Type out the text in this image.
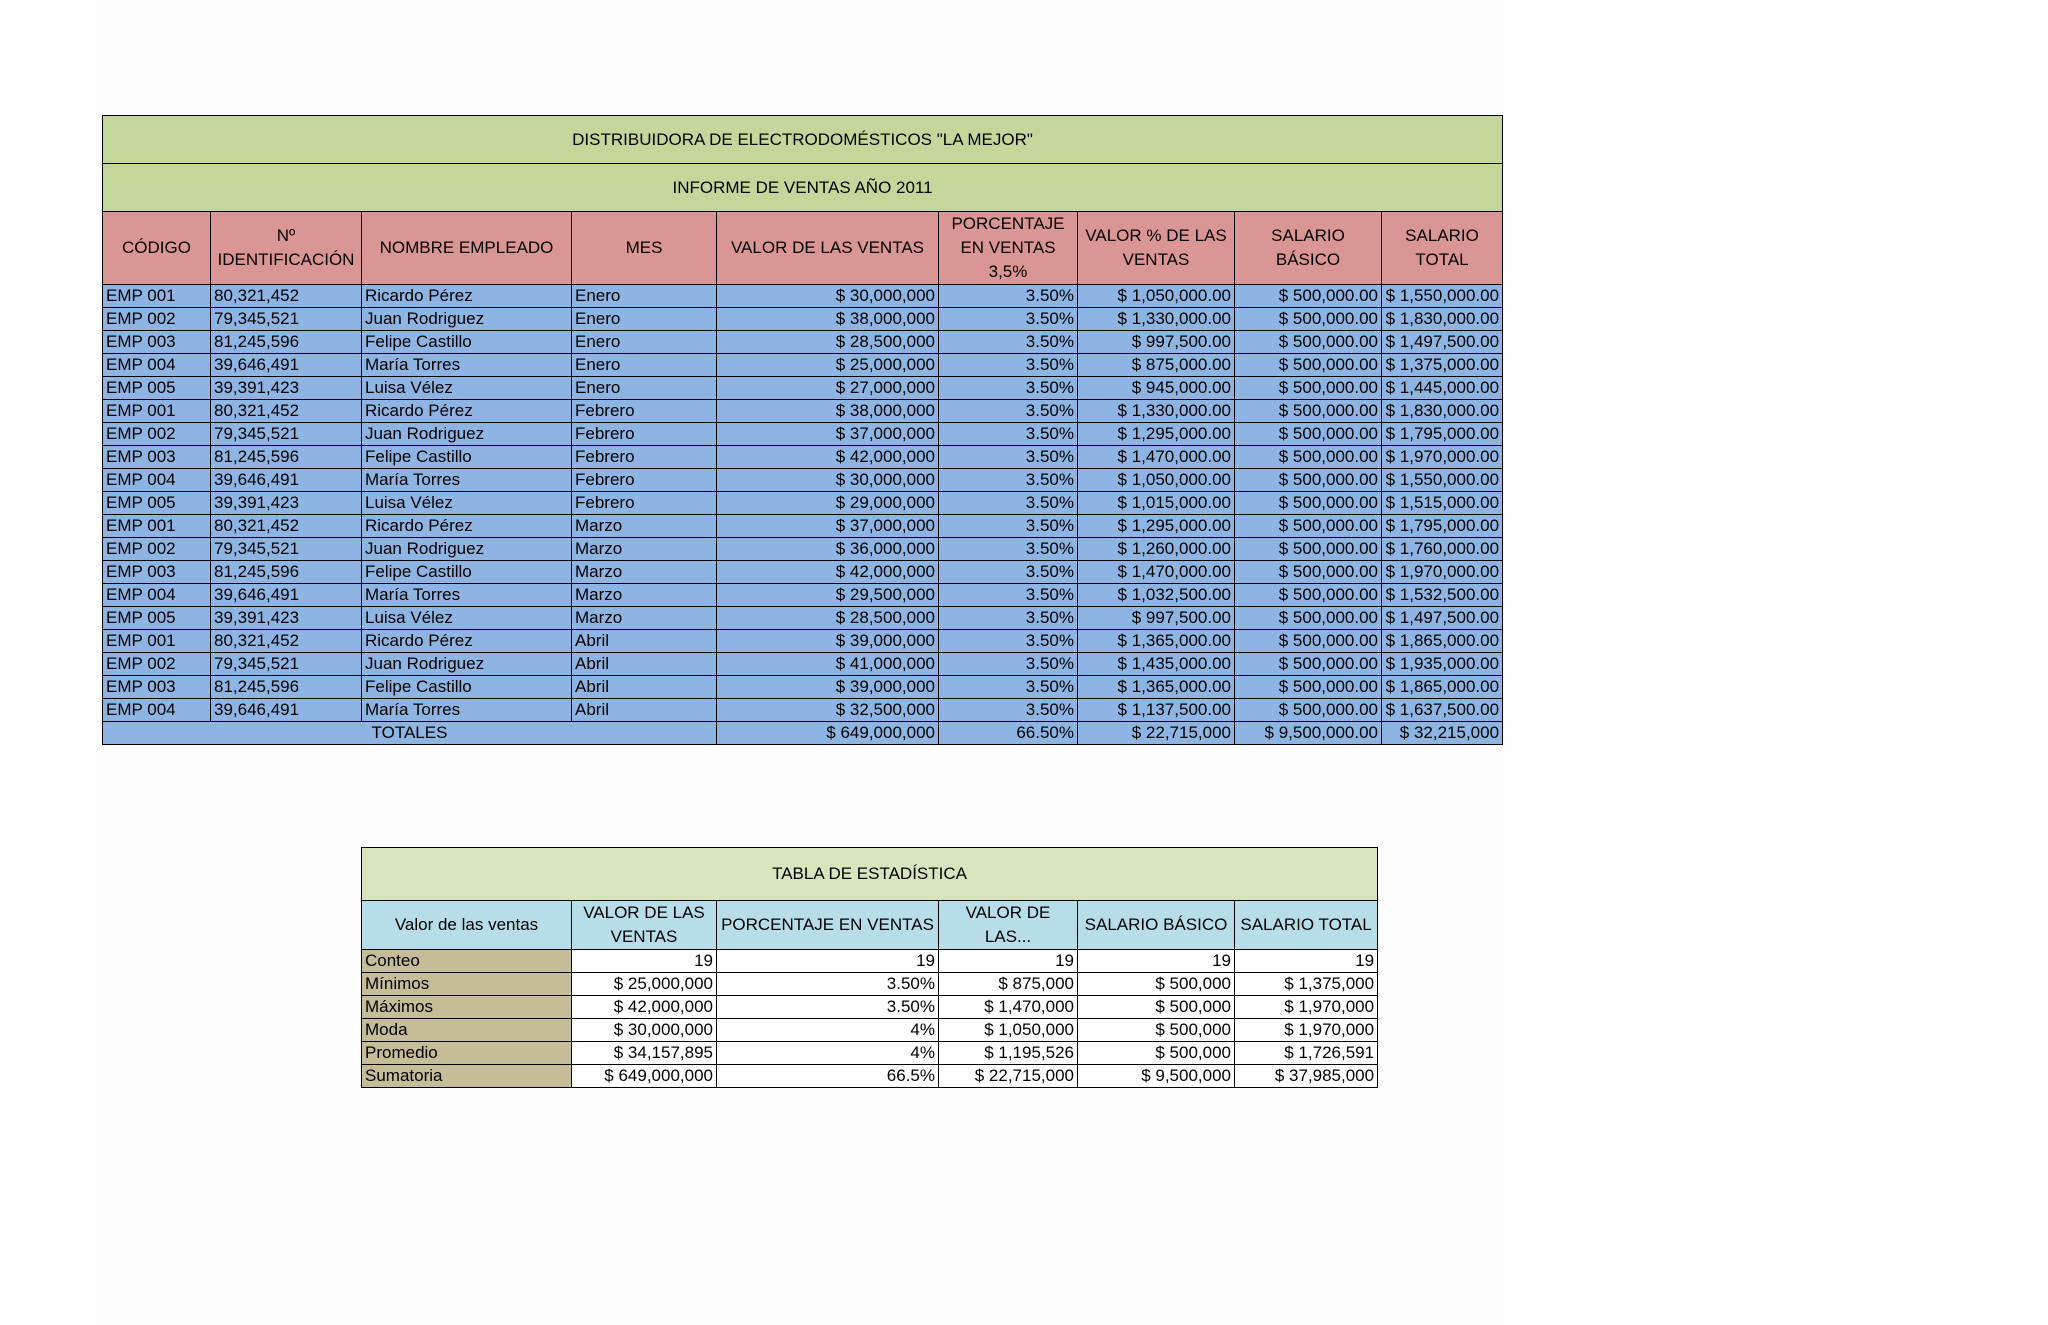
DISTRIBUIDORA DE ELECTRODOMÉSTICOS "LA MEJOR"								
INFORME DE VENTAS AÑO 2011								
CÓDIGO	Nº IDENTIFICACIÓN	NOMBRE EMPLEADO	MES	VALOR DE LAS VENTAS	PORCENTAJE EN VENTAS 3,5%	VALOR % DE LAS VENTAS	SALARIO BÁSICO	SALARIO TOTAL
EMP 001	80,321,452	Ricardo Pérez	Enero	$ 30,000,000	3.50%	$ 1,050,000.00	$ 500,000.00	$ 1,550,000.00
EMP 002	79,345,521	Juan Rodriguez	Enero	$ 38,000,000	3.50%	$ 1,330,000.00	$ 500,000.00	$ 1,830,000.00
EMP 003	81,245,596	Felipe Castillo	Enero	$ 28,500,000	3.50%	$ 997,500.00	$ 500,000.00	$ 1,497,500.00
EMP 004	39,646,491	María Torres	Enero	$ 25,000,000	3.50%	$ 875,000.00	$ 500,000.00	$ 1,375,000.00
EMP 005	39,391,423	Luisa Vélez	Enero	$ 27,000,000	3.50%	$ 945,000.00	$ 500,000.00	$ 1,445,000.00
EMP 001	80,321,452	Ricardo Pérez	Febrero	$ 38,000,000	3.50%	$ 1,330,000.00	$ 500,000.00	$ 1,830,000.00
EMP 002	79,345,521	Juan Rodriguez	Febrero	$ 37,000,000	3.50%	$ 1,295,000.00	$ 500,000.00	$ 1,795,000.00
EMP 003	81,245,596	Felipe Castillo	Febrero	$ 42,000,000	3.50%	$ 1,470,000.00	$ 500,000.00	$ 1,970,000.00
EMP 004	39,646,491	María Torres	Febrero	$ 30,000,000	3.50%	$ 1,050,000.00	$ 500,000.00	$ 1,550,000.00
EMP 005	39,391,423	Luisa Vélez	Febrero	$ 29,000,000	3.50%	$ 1,015,000.00	$ 500,000.00	$ 1,515,000.00
EMP 001	80,321,452	Ricardo Pérez	Marzo	$ 37,000,000	3.50%	$ 1,295,000.00	$ 500,000.00	$ 1,795,000.00
EMP 002	79,345,521	Juan Rodriguez	Marzo	$ 36,000,000	3.50%	$ 1,260,000.00	$ 500,000.00	$ 1,760,000.00
EMP 003	81,245,596	Felipe Castillo	Marzo	$ 42,000,000	3.50%	$ 1,470,000.00	$ 500,000.00	$ 1,970,000.00
EMP 004	39,646,491	María Torres	Marzo	$ 29,500,000	3.50%	$ 1,032,500.00	$ 500,000.00	$ 1,532,500.00
EMP 005	39,391,423	Luisa Vélez	Marzo	$ 28,500,000	3.50%	$ 997,500.00	$ 500,000.00	$ 1,497,500.00
EMP 001	80,321,452	Ricardo Pérez	Abril	$ 39,000,000	3.50%	$ 1,365,000.00	$ 500,000.00	$ 1,865,000.00
EMP 002	79,345,521	Juan Rodriguez	Abril	$ 41,000,000	3.50%	$ 1,435,000.00	$ 500,000.00	$ 1,935,000.00
EMP 003	81,245,596	Felipe Castillo	Abril	$ 39,000,000	3.50%	$ 1,365,000.00	$ 500,000.00	$ 1,865,000.00
EMP 004	39,646,491	María Torres	Abril	$ 32,500,000	3.50%	$ 1,137,500.00	$ 500,000.00	$ 1,637,500.00
TOTALES				$ 649,000,000	66.50%	$ 22,715,000	$ 9,500,000.00	$ 32,215,000
TABLA DE ESTADÍSTICA					
Valor de las ventas	VALOR DE LAS VENTAS	PORCENTAJE EN VENTAS	VALOR DE LAS...	SALARIO BÁSICO	SALARIO TOTAL
Conteo	19	19	19	19	19
Mínimos	$ 25,000,000	3.50%	$ 875,000	$ 500,000	$ 1,375,000
Máximos	$ 42,000,000	3.50%	$ 1,470,000	$ 500,000	$ 1,970,000
Moda	$ 30,000,000	4%	$ 1,050,000	$ 500,000	$ 1,970,000
Promedio	$ 34,157,895	4%	$ 1,195,526	$ 500,000	$ 1,726,591
Sumatoria	$ 649,000,000	66.5%	$ 22,715,000	$ 9,500,000	$ 37,985,000
